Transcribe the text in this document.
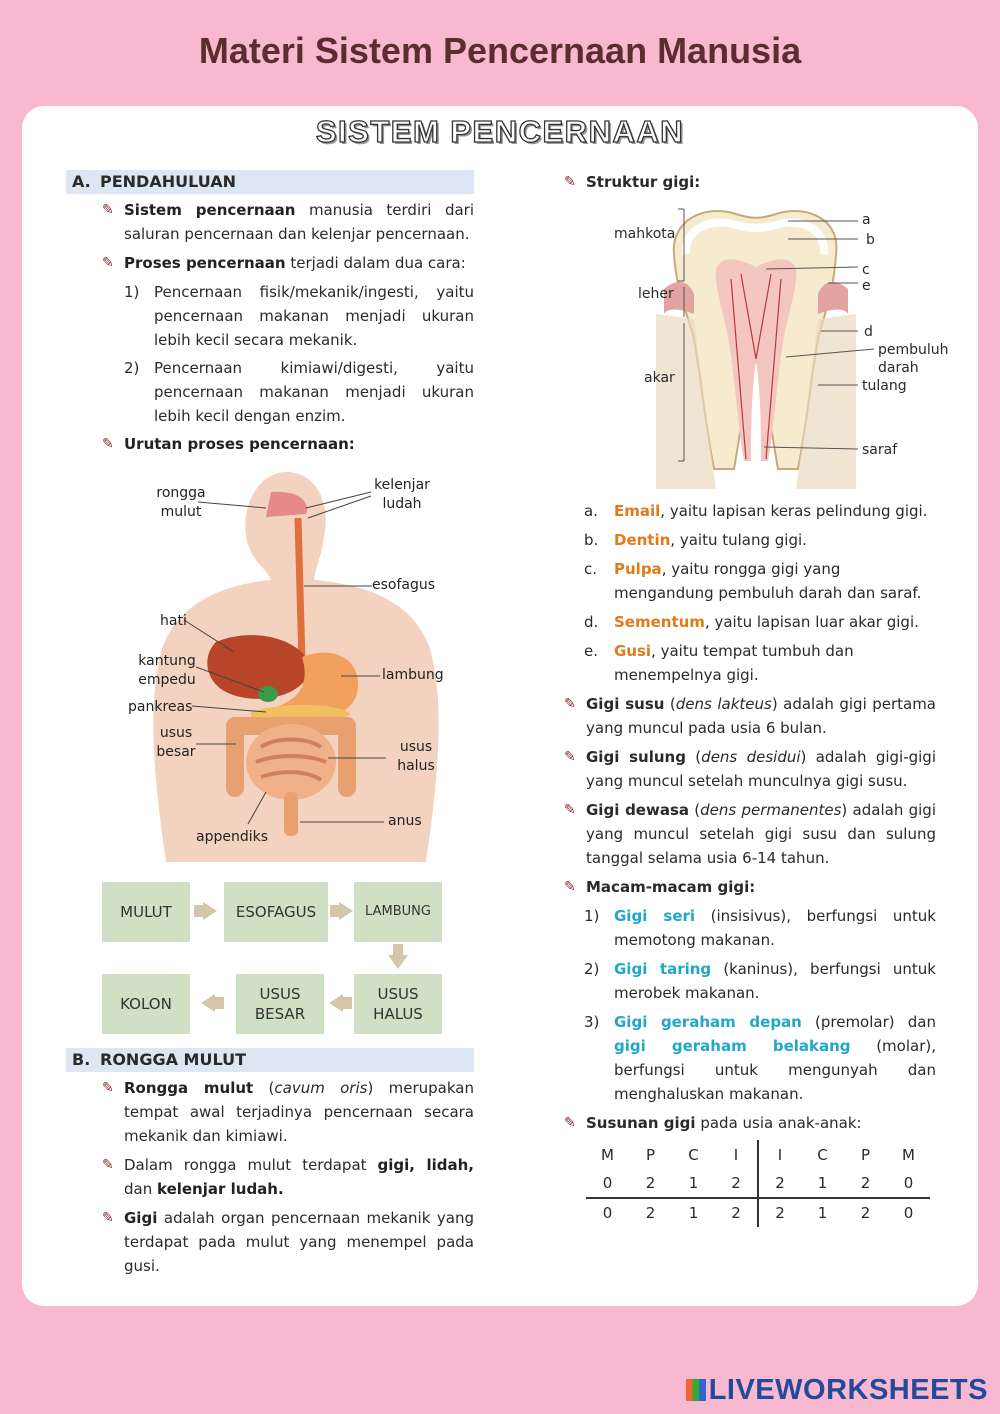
Materi Sistem Pencernaan Manusia
SISTEM PENCERNAAN
A. PENDAHULUAN
✎ Sistem pencernaan manusia terdiri dari saluran pencernaan dan kelenjar pencernaan.
✎ Proses pencernaan terjadi dalam dua cara:
1) Pencernaan fisik/mekanik/ingesti, yaitu pencernaan makanan menjadi ukuran lebih kecil secara mekanik.
2) Pencernaan kimiawi/digesti, yaitu pencernaan makanan menjadi ukuran lebih kecil dengan enzim.
✎ Urutan proses pencernaan:
rongga mulut
kelenjar ludah
esofagus
hati
kantung empedu	lambung
pankreas
usus besar	usus halus
anus
appendiks
MULUT	ESOFAGUS	LAMBUNG
USUS HALUS
USUS BESAR
KOLON
B. RONGGA MULUT
✎ Rongga mulut (cavum oris) merupakan tempat awal terjadinya pencernaan secara mekanik dan kimiawi.
✎ Dalam rongga mulut terdapat gigi, lidah, dan kelenjar ludah.
✎ Gigi adalah organ pencernaan mekanik yang terdapat pada mulut yang menempel pada gusi.
✎ Struktur gigi:
mahkota
leher
akar
a
b
c
e
d
pembuluh darah
tulang
saraf
a. Email, yaitu lapisan keras pelindung gigi.
b. Dentin, yaitu tulang gigi.
c. Pulpa, yaitu rongga gigi yang mengandung pembuluh darah dan saraf.
d. Sementum, yaitu lapisan luar akar gigi.
e. Gusi, yaitu tempat tumbuh dan menempelnya gigi.
✎ Gigi susu (dens lakteus) adalah gigi pertama yang muncul pada usia 6 bulan.
✎ Gigi sulung (dens desidui) adalah gigi-gigi yang muncul setelah munculnya gigi susu.
✎ Gigi dewasa (dens permanentes) adalah gigi yang muncul setelah gigi susu dan sulung tanggal selama usia 6-14 tahun.
✎ Macam-macam gigi:
1) Gigi seri (insisivus), berfungsi untuk memotong makanan.
2) Gigi taring (kaninus), berfungsi untuk merobek makanan.
3) Gigi geraham depan (premolar) dan gigi geraham belakang (molar), berfungsi untuk mengunyah dan menghaluskan makanan.
✎ Susunan gigi pada usia anak-anak:
M	P	C	I	I	C	P	M
0	2	1	2	2	1	2	0
0	2	1	2	2	1	2	0
LIVEWORKSHEETS
